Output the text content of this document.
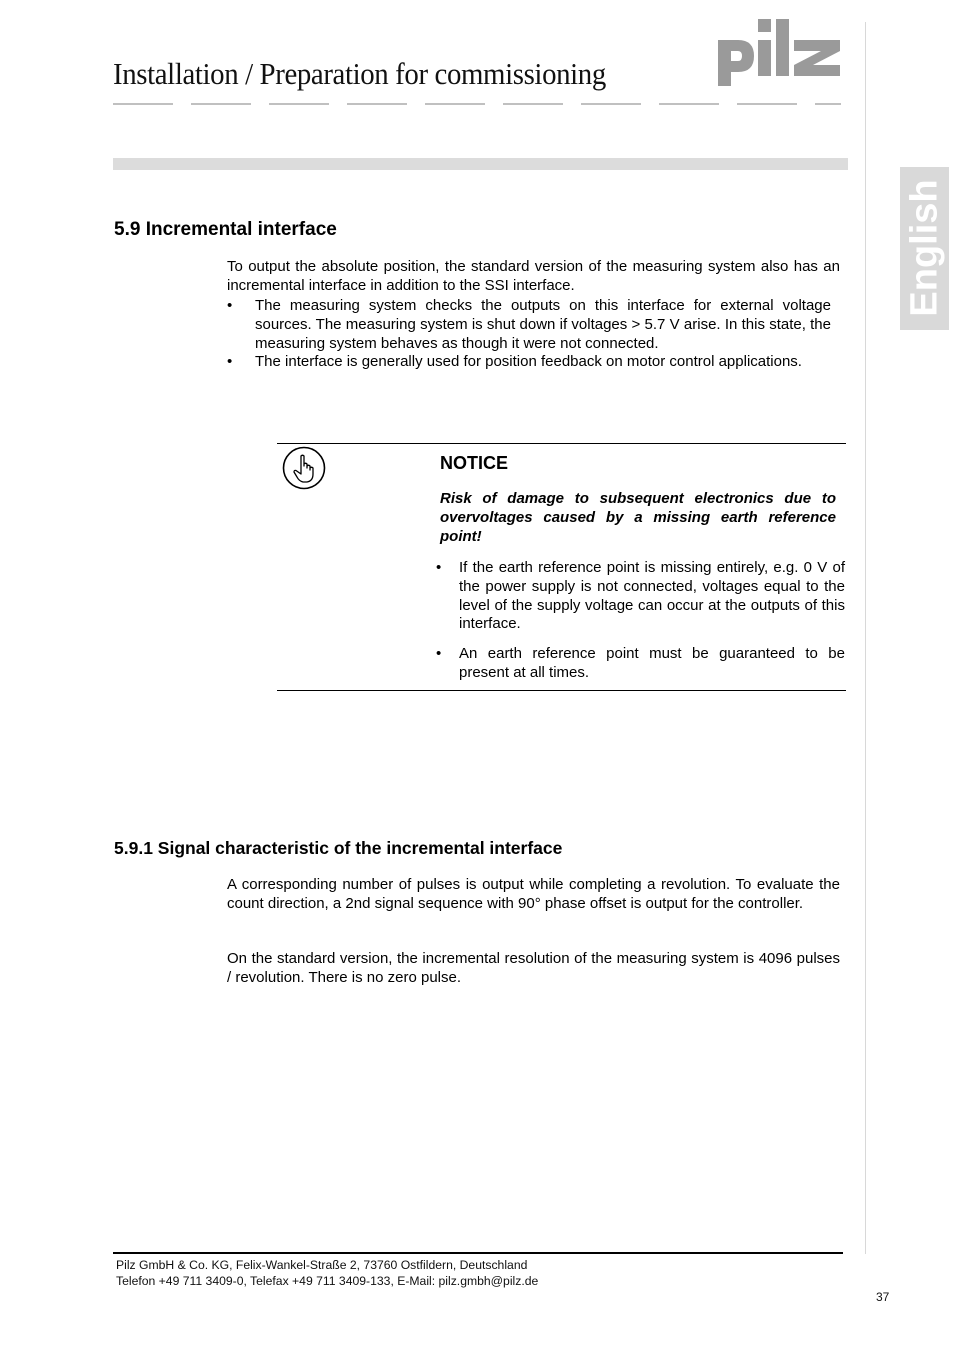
Installation / Preparation for commissioning	pilz
English
5.9 Incremental interface
To output the absolute position, the standard version of the measuring system also has an incremental interface in addition to the SSI interface.
•	The measuring system checks the outputs on this interface for external voltage sources. The measuring system is shut down if voltages > 5.7 V arise. In this state, the measuring system behaves as though it were not connected.
•	The interface is generally used for position feedback on motor control applications.
NOTICE
Risk of damage to subsequent electronics due to overvoltages caused by a missing earth reference point!
•	If the earth reference point is missing entirely, e.g. 0 V of the power supply is not connected, voltages equal to the level of the supply voltage can occur at the outputs of this interface.
•	An earth reference point must be guaranteed to be present at all times.
5.9.1 Signal characteristic of the incremental interface
A corresponding number of pulses is output while completing a revolution. To evaluate the count direction, a 2nd signal sequence with 90° phase offset is output for the controller.
On the standard version, the incremental resolution of the measuring system is 4096 pulses / revolution. There is no zero pulse.
Pilz GmbH & Co. KG, Felix-Wankel-Straße 2, 73760 Ostfildern, Deutschland
Telefon +49 711 3409-0, Telefax +49 711 3409-133, E-Mail: pilz.gmbh@pilz.de
37
